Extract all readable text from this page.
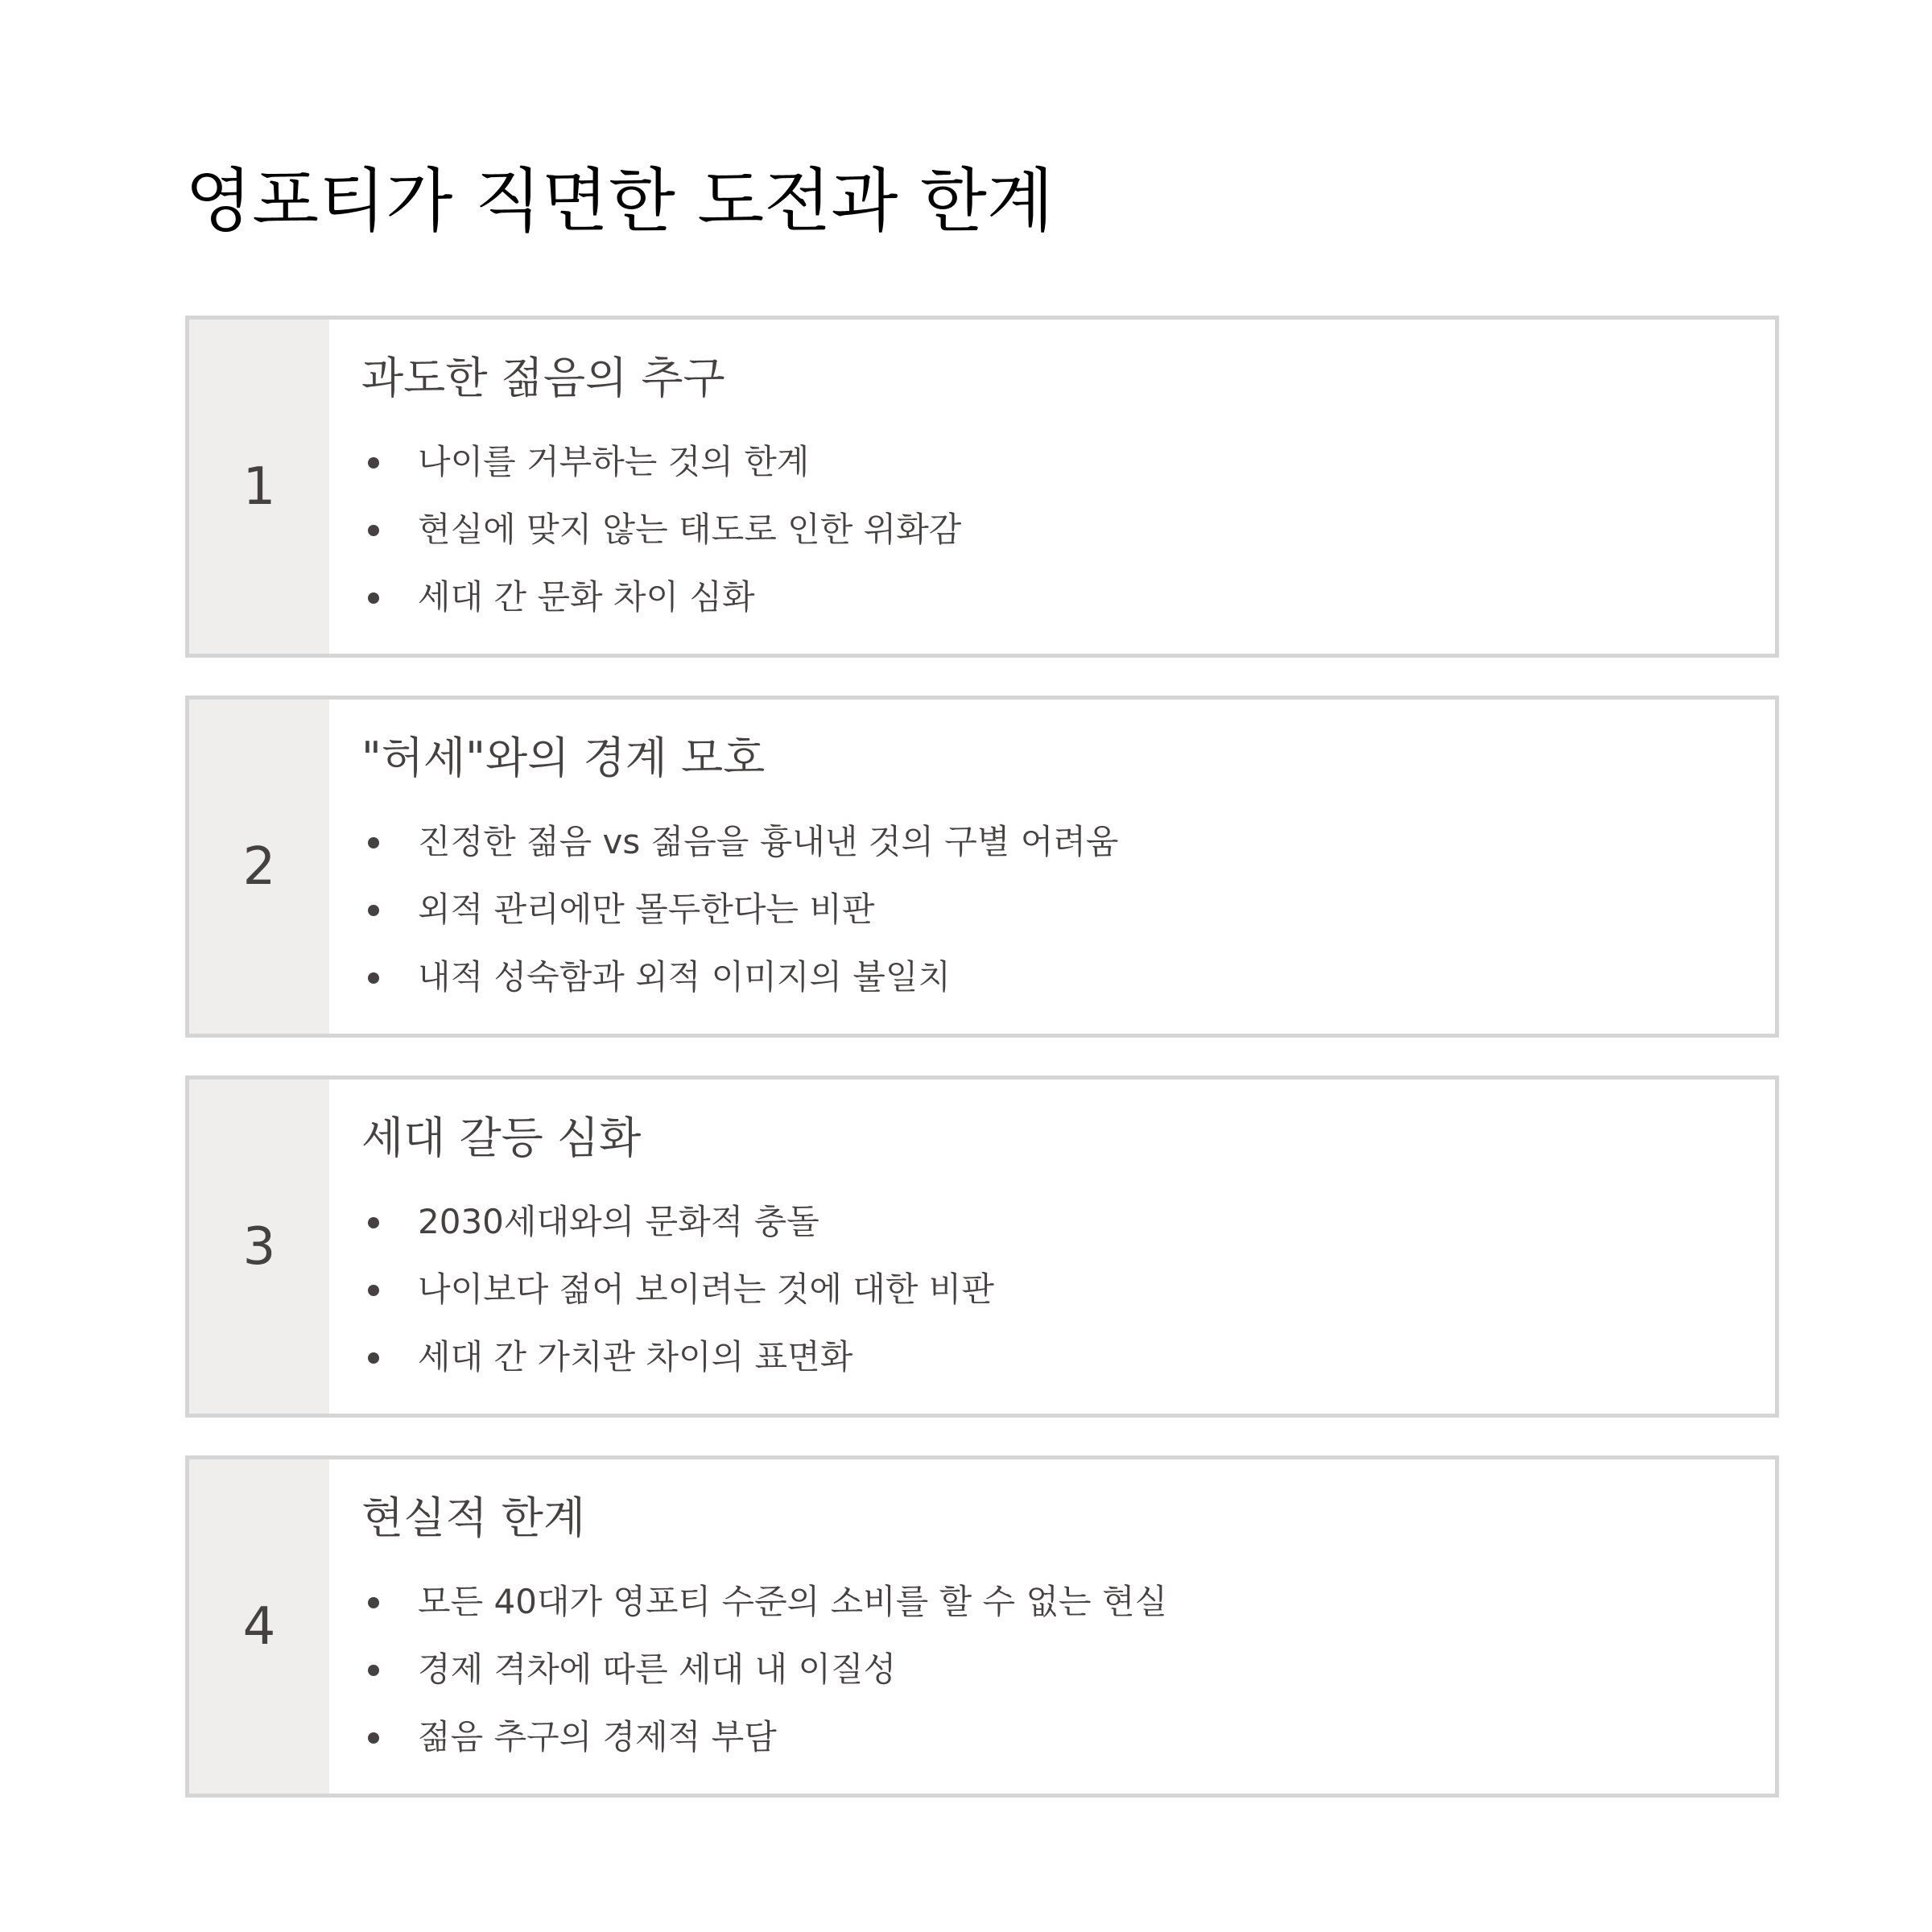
영포티가 직면한 도전과 한계
1
과도한 젊음의 추구
나이를 거부하는 것의 한계
현실에 맞지 않는 태도로 인한 위화감
세대 간 문화 차이 심화
2
"허세"와의 경계 모호
진정한 젊음 vs 젊음을 흉내낸 것의 구별 어려움
외적 관리에만 몰두한다는 비판
내적 성숙함과 외적 이미지의 불일치
3
세대 갈등 심화
2030세대와의 문화적 충돌
나이보다 젊어 보이려는 것에 대한 비판
세대 간 가치관 차이의 표면화
4
현실적 한계
모든 40대가 영포티 수준의 소비를 할 수 없는 현실
경제 격차에 따른 세대 내 이질성
젊음 추구의 경제적 부담
